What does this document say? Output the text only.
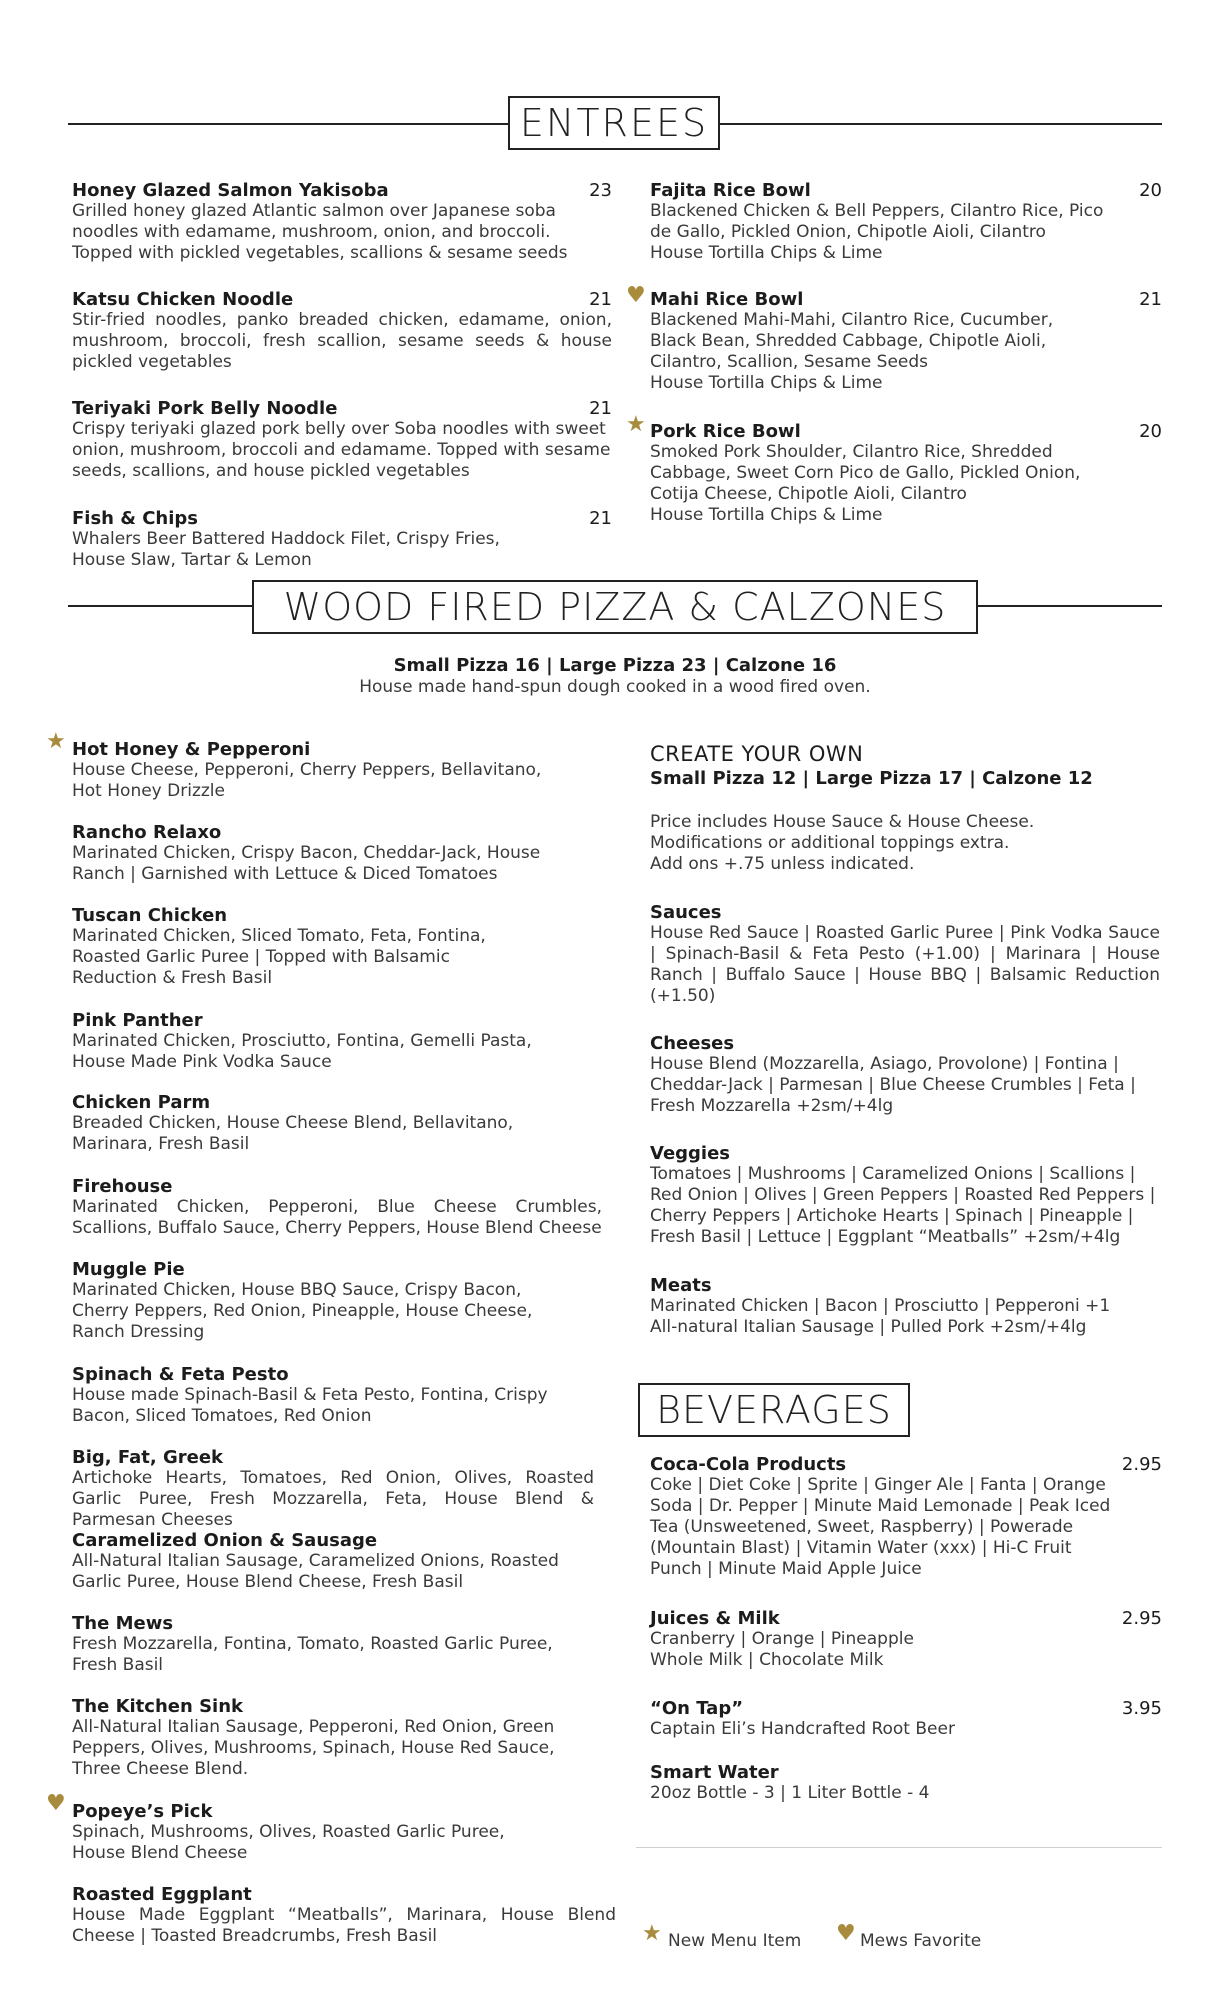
ENTREES
Honey Glazed Salmon Yakisoba	23
Grilled honey glazed Atlantic salmon over Japanese soba noodles with edamame, mushroom, onion, and broccoli. Topped with pickled vegetables, scallions & sesame seeds
Katsu Chicken Noodle	21
Stir-fried noodles, panko breaded chicken, edamame, onion, mushroom, broccoli, fresh scallion, sesame seeds & house pickled vegetables
Teriyaki Pork Belly Noodle	21
Crispy teriyaki glazed pork belly over Soba noodles with sweet onion, mushroom, broccoli and edamame. Topped with sesame seeds, scallions, and house pickled vegetables
Fish & Chips	21
Whalers Beer Battered Haddock Filet, Crispy Fries, House Slaw, Tartar & Lemon
Fajita Rice Bowl	20
Blackened Chicken & Bell Peppers, Cilantro Rice, Pico de Gallo, Pickled Onion, Chipotle Aioli, Cilantro
House Tortilla Chips & Lime
♥ Mahi Rice Bowl	21
Blackened Mahi-Mahi, Cilantro Rice, Cucumber, Black Bean, Shredded Cabbage, Chipotle Aioli, Cilantro, Scallion, Sesame Seeds
House Tortilla Chips & Lime
★ Pork Rice Bowl	20
Smoked Pork Shoulder, Cilantro Rice, Shredded Cabbage, Sweet Corn Pico de Gallo, Pickled Onion, Cotija Cheese, Chipotle Aioli, Cilantro
House Tortilla Chips & Lime
WOOD FIRED PIZZA & CALZONES
Small Pizza 16 | Large Pizza 23 | Calzone 16
House made hand-spun dough cooked in a wood fired oven.
★ Hot Honey & Pepperoni
House Cheese, Pepperoni, Cherry Peppers, Bellavitano, Hot Honey Drizzle
Rancho Relaxo
Marinated Chicken, Crispy Bacon, Cheddar-Jack, House Ranch | Garnished with Lettuce & Diced Tomatoes
Tuscan Chicken
Marinated Chicken, Sliced Tomato, Feta, Fontina, Roasted Garlic Puree | Topped with Balsamic Reduction & Fresh Basil
Pink Panther
Marinated Chicken, Prosciutto, Fontina, Gemelli Pasta, House Made Pink Vodka Sauce
Chicken Parm
Breaded Chicken, House Cheese Blend, Bellavitano, Marinara, Fresh Basil
Firehouse
Marinated Chicken, Pepperoni, Blue Cheese Crumbles, Scallions, Buffalo Sauce, Cherry Peppers, House Blend Cheese
Muggle Pie
Marinated Chicken, House BBQ Sauce, Crispy Bacon, Cherry Peppers, Red Onion, Pineapple, House Cheese, Ranch Dressing
Spinach & Feta Pesto
House made Spinach-Basil & Feta Pesto, Fontina, Crispy Bacon, Sliced Tomatoes, Red Onion
Big, Fat, Greek
Artichoke Hearts, Tomatoes, Red Onion, Olives, Roasted Garlic Puree, Fresh Mozzarella, Feta, House Blend & Parmesan Cheeses
Caramelized Onion & Sausage
All-Natural Italian Sausage, Caramelized Onions, Roasted Garlic Puree, House Blend Cheese, Fresh Basil
The Mews
Fresh Mozzarella, Fontina, Tomato, Roasted Garlic Puree, Fresh Basil
The Kitchen Sink
All-Natural Italian Sausage, Pepperoni, Red Onion, Green Peppers, Olives, Mushrooms, Spinach, House Red Sauce, Three Cheese Blend.
♥ Popeye’s Pick
Spinach, Mushrooms, Olives, Roasted Garlic Puree, House Blend Cheese
Roasted Eggplant
House Made Eggplant “Meatballs”, Marinara, House Blend Cheese | Toasted Breadcrumbs, Fresh Basil
CREATE YOUR OWN
Small Pizza 12 | Large Pizza 17 | Calzone 12
Price includes House Sauce & House Cheese.
Modifications or additional toppings extra.
Add ons +.75 unless indicated.
Sauces
House Red Sauce | Roasted Garlic Puree | Pink Vodka Sauce | Spinach-Basil & Feta Pesto (+1.00) | Marinara | House Ranch | Buffalo Sauce | House BBQ | Balsamic Reduction (+1.50)
Cheeses
House Blend (Mozzarella, Asiago, Provolone) | Fontina | Cheddar-Jack | Parmesan | Blue Cheese Crumbles | Feta | Fresh Mozzarella +2sm/+4lg
Veggies
Tomatoes | Mushrooms | Caramelized Onions | Scallions | Red Onion | Olives | Green Peppers | Roasted Red Peppers | Cherry Peppers | Artichoke Hearts | Spinach | Pineapple | Fresh Basil | Lettuce | Eggplant “Meatballs” +2sm/+4lg
Meats
Marinated Chicken | Bacon | Prosciutto | Pepperoni +1
All-natural Italian Sausage | Pulled Pork +2sm/+4lg
BEVERAGES
Coca-Cola Products	2.95
Coke | Diet Coke | Sprite | Ginger Ale | Fanta | Orange Soda | Dr. Pepper | Minute Maid Lemonade | Peak Iced Tea (Unsweetened, Sweet, Raspberry) | Powerade (Mountain Blast) | Vitamin Water (xxx) | Hi-C Fruit Punch | Minute Maid Apple Juice
Juices & Milk	2.95
Cranberry | Orange | Pineapple
Whole Milk | Chocolate Milk
“On Tap”	3.95
Captain Eli’s Handcrafted Root Beer
Smart Water
20oz Bottle - 3 | 1 Liter Bottle - 4
★ New Menu Item ♥ Mews Favorite
